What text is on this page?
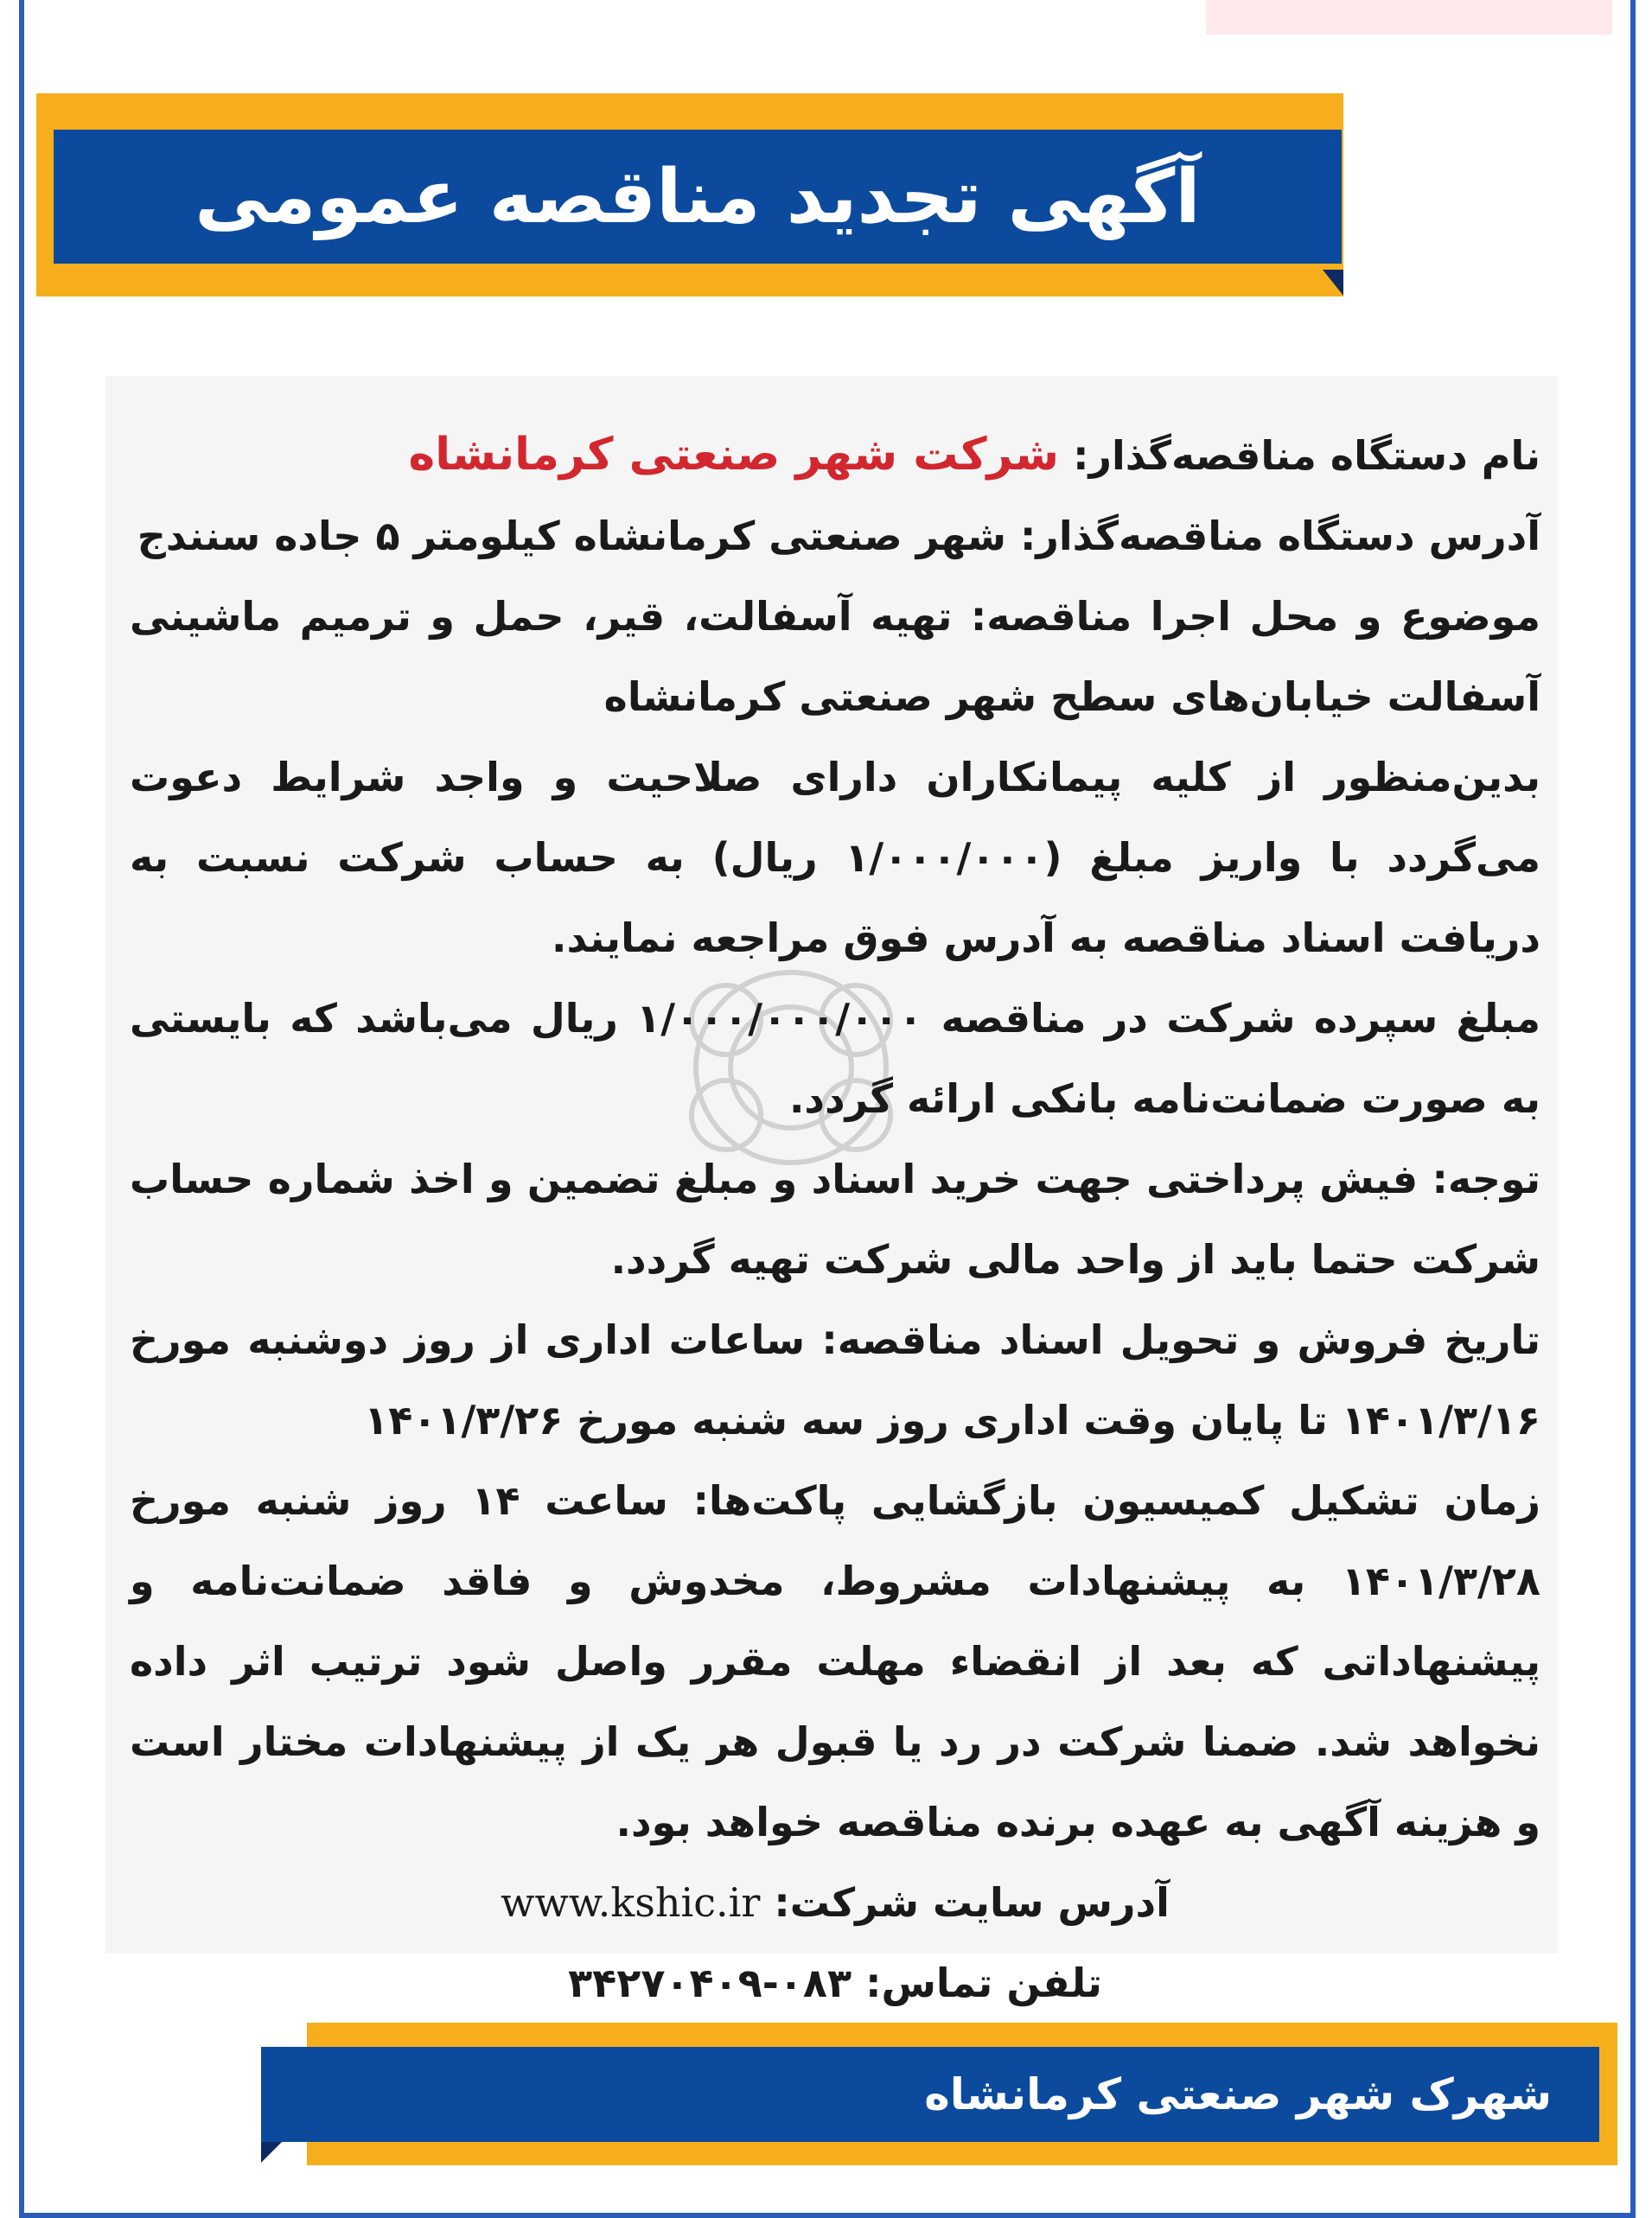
آگهی تجدید مناقصه عمومی

نام دستگاه مناقصه‌گذار: شرکت شهر صنعتی کرمانشاه

آدرس دستگاه مناقصه‌گذار: شهر صنعتی کرمانشاه کیلومتر ۵ جاده سنندج

موضوع و محل اجرا مناقصه: تهیه آسفالت، قیر، حمل و ترمیم ماشینی آسفالت خیابان‌های سطح شهر صنعتی کرمانشاه

بدین‌منظور از کلیه پیمانکاران دارای صلاحیت و واجد شرایط دعوت می‌گردد با واریز مبلغ (۱/۰۰۰/۰۰۰ ریال) به حساب شرکت نسبت به دریافت اسناد مناقصه به آدرس فوق مراجعه نمایند.

مبلغ سپرده شرکت در مناقصه ۱/۰۰۰/۰۰۰/۰۰۰ ریال می‌باشد که بایستی به صورت ضمانت‌نامه بانکی ارائه گردد.

توجه: فیش پرداختی جهت خرید اسناد و مبلغ تضمین و اخذ شماره حساب شرکت حتما باید از واحد مالی شرکت تهیه گردد.

تاریخ فروش و تحویل اسناد مناقصه: ساعات اداری از روز دوشنبه مورخ ۱۴۰۱/۳/۱۶ تا پایان وقت اداری روز سه شنبه مورخ ۱۴۰۱/۳/۲۶

زمان تشکیل کمیسیون بازگشایی پاکت‌ها: ساعت ۱۴ روز شنبه مورخ ۱۴۰۱/۳/۲۸ به پیشنهادات مشروط، مخدوش و فاقد ضمانت‌نامه و پیشنهاداتی که بعد از انقضاء مهلت مقرر واصل شود ترتیب اثر داده نخواهد شد. ضمنا شرکت در رد یا قبول هر یک از پیشنهادات مختار است و هزینه آگهی به عهده برنده مناقصه خواهد بود.

آدرس سایت شرکت: www.kshic.ir

تلفن تماس: ۰۸۳-۳۴۲۷۰۴۰۹

شهرک شهر صنعتی کرمانشاه
